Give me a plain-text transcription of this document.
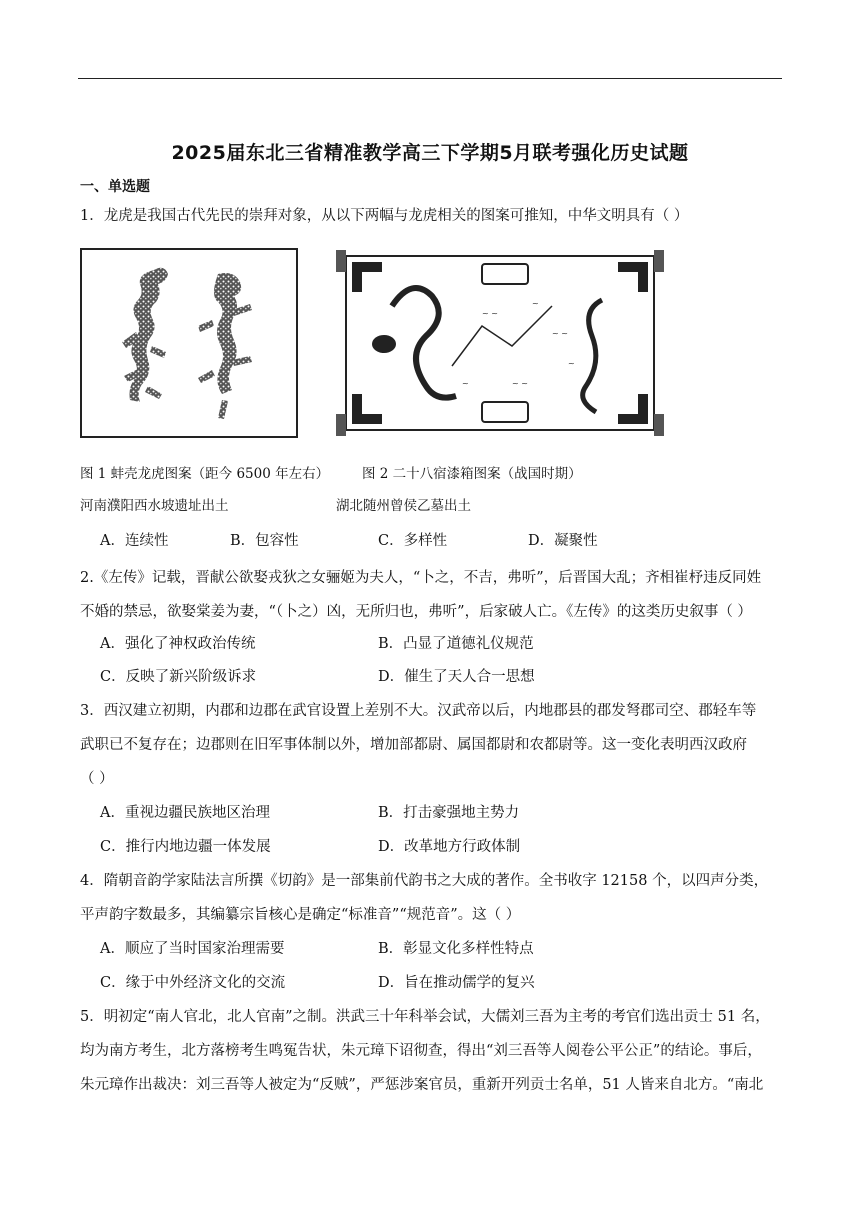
2025届东北三省精准教学高三下学期5月联考强化历史试题
一、单选题
1．龙虎是我国古代先民的崇拜对象，从以下两幅与龙虎相关的图案可推知，中华文明具有（ ）
~ ~
~
~ ~
~
~	~ ~
图 1 蚌壳龙虎图案（距今 6500 年左右） 图 2 二十八宿漆箱图案（战国时期）
河南濮阳西水坡遗址出土	湖北随州曾侯乙墓出土
A．连续性	B．包容性	C．多样性	D．凝聚性
2.《左传》记载，晋献公欲娶戎狄之女骊姬为夫人，“卜之，不吉，弗听”，后晋国大乱；齐相崔杼违反同姓
不婚的禁忌，欲娶棠姜为妻，“（卜之）凶，无所归也，弗听”，后家破人亡。《左传》的这类历史叙事（ ）
A．强化了神权政治传统	B．凸显了道德礼仪规范
C．反映了新兴阶级诉求	D．催生了天人合一思想
3．西汉建立初期，内郡和边郡在武官设置上差别不大。汉武帝以后，内地郡县的郡发弩郡司空、郡轻车等
武职已不复存在；边郡则在旧军事体制以外，增加部都尉、属国都尉和农都尉等。这一变化表明西汉政府
（ ）
A．重视边疆民族地区治理	B．打击豪强地主势力
C．推行内地边疆一体发展	D．改革地方行政体制
4．隋朝音韵学家陆法言所撰《切韵》是一部集前代韵书之大成的著作。全书收字 12158 个，以四声分类，
平声韵字数最多，其编纂宗旨核心是确定“标准音”“规范音”。这（ ）
A．顺应了当时国家治理需要	B．彰显文化多样性特点
C．缘于中外经济文化的交流	D．旨在推动儒学的复兴
5．明初定“南人官北，北人官南”之制。洪武三十年科举会试，大儒刘三吾为主考的考官们选出贡士 51 名，
均为南方考生，北方落榜考生鸣冤告状，朱元璋下诏彻查，得出“刘三吾等人阅卷公平公正”的结论。事后，
朱元璋作出裁决：刘三吾等人被定为“反贼”，严惩涉案官员，重新开列贡士名单，51 人皆来自北方。“南北
